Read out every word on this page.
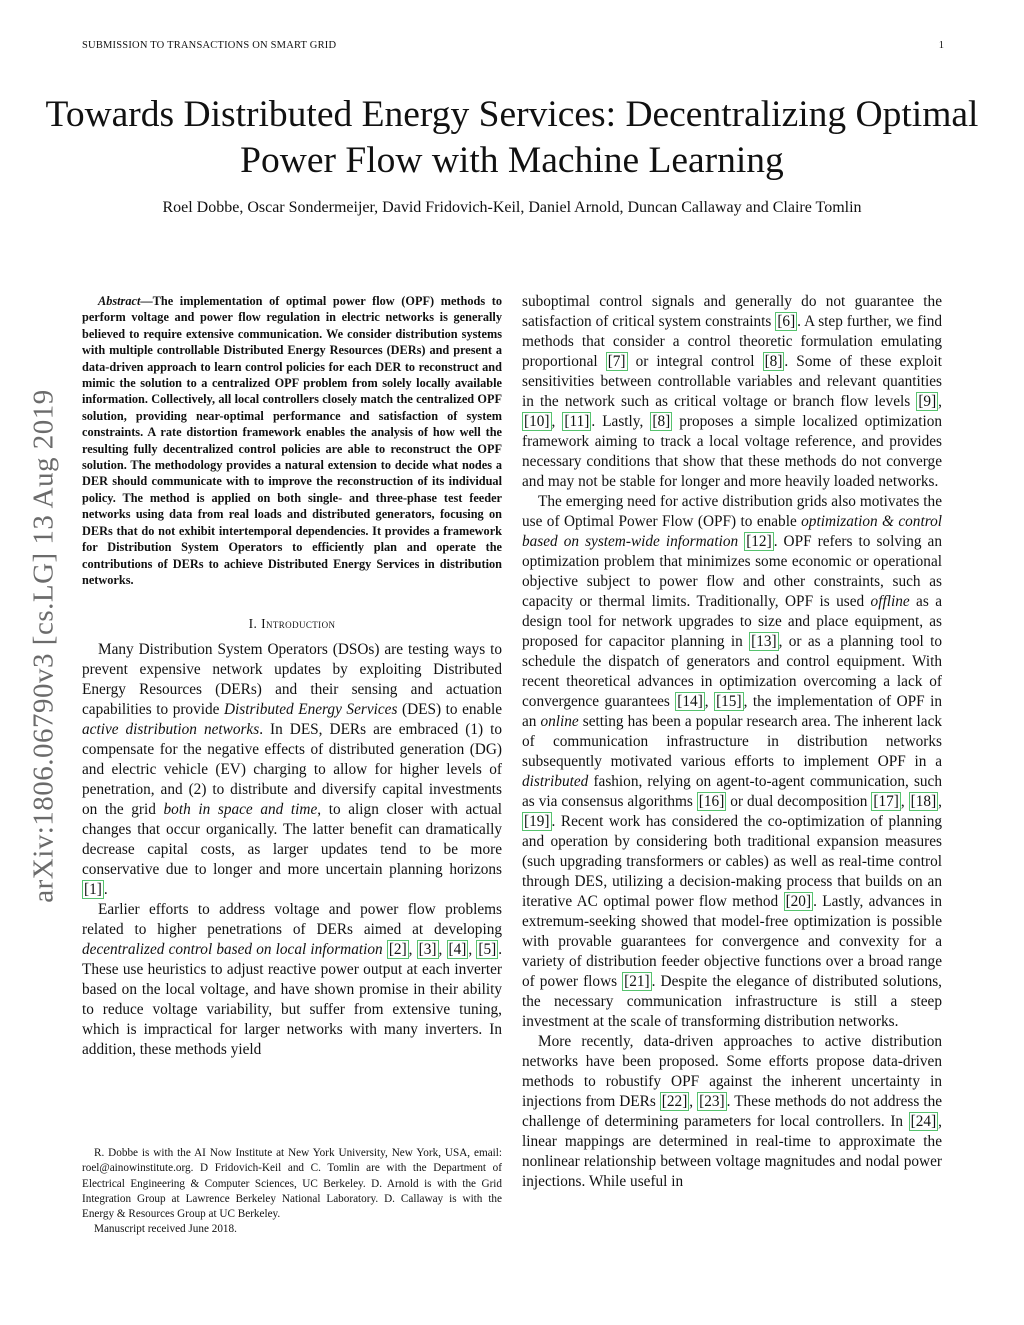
SUBMISSION TO TRANSACTIONS ON SMART GRID	1
Towards Distributed Energy Services: Decentralizing Optimal Power Flow with Machine Learning
Roel Dobbe, Oscar Sondermeijer, David Fridovich-Keil, Daniel Arnold, Duncan Callaway and Claire Tomlin
arXiv:1806.06790v3 [cs.LG] 13 Aug 2019

Abstract—The implementation of optimal power flow (OPF) methods to perform voltage and power flow regulation in electric networks is generally believed to require extensive communication. We consider distribution systems with multiple controllable Distributed Energy Resources (DERs) and present a data-driven approach to learn control policies for each DER to reconstruct and mimic the solution to a centralized OPF problem from solely locally available information. Collectively, all local controllers closely match the centralized OPF solution, providing near-optimal performance and satisfaction of system constraints. A rate distortion framework enables the analysis of how well the resulting fully decentralized control policies are able to reconstruct the OPF solution. The methodology provides a natural extension to decide what nodes a DER should communicate with to improve the reconstruction of its individual policy. The method is applied on both single- and three-phase test feeder networks using data from real loads and distributed generators, focusing on DERs that do not exhibit intertemporal dependencies. It provides a framework for Distribution System Operators to efficiently plan and operate the contributions of DERs to achieve Distributed Energy Services in distribution networks.

I. Introduction

Many Distribution System Operators (DSOs) are testing ways to prevent expensive network updates by exploiting Distributed Energy Resources (DERs) and their sensing and actuation capabilities to provide Distributed Energy Services (DES) to enable active distribution networks. In DES, DERs are embraced (1) to compensate for the negative effects of distributed generation (DG) and electric vehicle (EV) charging to allow for higher levels of penetration, and (2) to distribute and diversify capital investments on the grid both in space and time, to align closer with actual changes that occur organically. The latter benefit can dramatically decrease capital costs, as larger updates tend to be more conservative due to longer and more uncertain planning horizons [1] .

Earlier efforts to address voltage and power flow problems related to higher penetrations of DERs aimed at developing decentralized control based on local information [2] , [3] , [4] , [5] . These use heuristics to adjust reactive power output at each inverter based on the local voltage, and have shown promise in their ability to reduce voltage variability, but suffer from extensive tuning, which is impractical for larger networks with many inverters. In addition, these methods yield

R. Dobbe is with the AI Now Institute at New York University, New York, USA, email: roel@ainowinstitute.org. D Fridovich-Keil and C. Tomlin are with the Department of Electrical Engineering & Computer Sciences, UC Berkeley. D. Arnold is with the Grid Integration Group at Lawrence Berkeley National Laboratory. D. Callaway is with the Energy & Resources Group at UC Berkeley.

Manuscript received June 2018.

suboptimal control signals and generally do not guarantee the satisfaction of critical system constraints [6] . A step further, we find methods that consider a control theoretic formulation emulating proportional [7] or integral control [8] . Some of these exploit sensitivities between controllable variables and relevant quantities in the network such as critical voltage or branch flow levels [9] , [10] , [11] . Lastly, [8] proposes a simple localized optimization framework aiming to track a local voltage reference, and provides necessary conditions that show that these methods do not converge and may not be stable for longer and more heavily loaded networks.

The emerging need for active distribution grids also motivates the use of Optimal Power Flow (OPF) to enable optimization & control based on system-wide information [12] . OPF refers to solving an optimization problem that minimizes some economic or operational objective subject to power flow and other constraints, such as capacity or thermal limits. Traditionally, OPF is used offline as a design tool for network upgrades to size and place equipment, as proposed for capacitor planning in [13] , or as a planning tool to schedule the dispatch of generators and control equipment. With recent theoretical advances in optimization overcoming a lack of convergence guarantees [14] , [15] , the implementation of OPF in an online setting has been a popular research area. The inherent lack of communication infrastructure in distribution networks subsequently motivated various efforts to implement OPF in a distributed fashion, relying on agent-to-agent communication, such as via consensus algorithms [16] or dual decomposition [17] , [18] , [19] . Recent work has considered the co-optimization of planning and operation by considering both traditional expansion measures (such upgrading transformers or cables) as well as real-time control through DES, utilizing a decision-making process that builds on an iterative AC optimal power flow method [20] . Lastly, advances in extremum-seeking showed that model-free optimization is possible with provable guarantees for convergence and convexity for a variety of distribution feeder objective functions over a broad range of power flows [21] . Despite the elegance of distributed solutions, the necessary communication infrastructure is still a steep investment at the scale of transforming distribution networks.

More recently, data-driven approaches to active distribution networks have been proposed. Some efforts propose data-driven methods to robustify OPF against the inherent uncertainty in injections from DERs [22] , [23] . These methods do not address the challenge of determining parameters for local controllers. In [24] , linear mappings are determined in real-time to approximate the nonlinear relationship between voltage magnitudes and nodal power injections. While useful in
